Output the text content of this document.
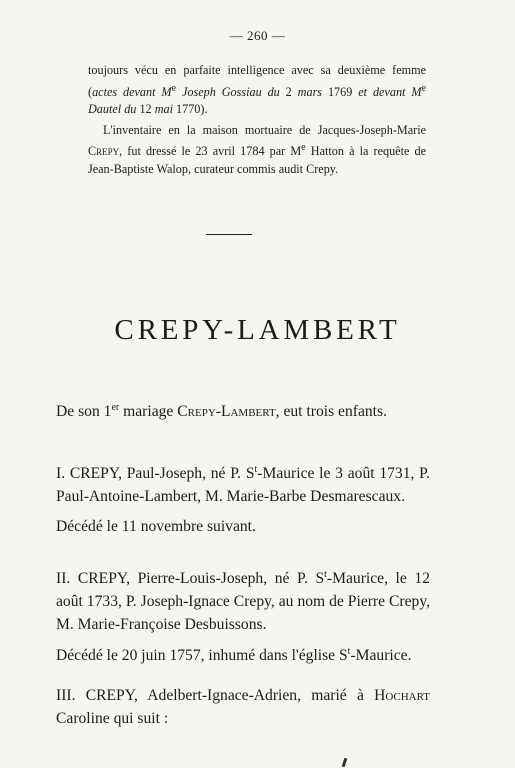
— 260 —

toujours vécu en parfaite intelligence avec sa deuxième femme (actes devant Me Joseph Gossiau du 2 mars 1769 et devant Me Dautel du 12 mai 1770).

L'inventaire en la maison mortuaire de Jacques-Joseph-Marie Crepy, fut dressé le 23 avril 1784 par Me Hatton à la requête de Jean-Baptiste Walop, curateur commis audit Crepy.

CREPY-LAMBERT

De son 1er mariage Crepy-Lambert, eut trois enfants.

I. CREPY, Paul-Joseph, né P. $S^t$-Maurice le 3 août 1731, P. Paul-Antoine-Lambert, M. Marie-Barbe Desmarescaux.

Décédé le 11 novembre suivant.

II. CREPY, Pierre-Louis-Joseph, né P. $S^t$-Maurice, le 12 août 1733, P. Joseph-Ignace Crepy, au nom de Pierre Crepy, M. Marie-Françoise Desbuissons.

Décédé le 20 juin 1757, inhumé dans l'église $S^t$-Maurice.

III. CREPY, Adelbert-Ignace-Adrien, marié à Hochart Caroline qui suit :
